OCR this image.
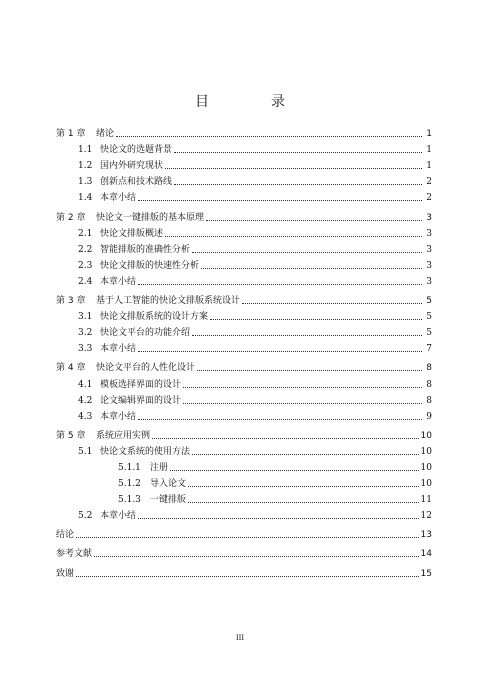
目　录
第 1 章	绪论	1
1.1 快论文的选题背景	1
1.2 国内外研究现状	1
1.3 创新点和技术路线	2
1.4 本章小结	2
第 2 章	快论文一键排版的基本原理	3
2.1 快论文排版概述	3
2.2 智能排版的准确性分析	3
2.3 快论文排版的快速性分析	3
2.4 本章小结	3
第 3 章	基于人工智能的快论文排版系统设计	5
3.1 快论文排版系统的设计方案	5
3.2 快论文平台的功能介绍	5
3.3 本章小结	7
第 4 章	快论文平台的人性化设计	8
4.1 模板选择界面的设计	8
4.2 论文编辑界面的设计	8
4.3 本章小结	9
第 5 章	系统应用实例	10
5.1 快论文系统的使用方法	10
5.1.1	注册	10
5.1.2	导入论文	10
5.1.3	一键排版	11
5.2 本章小结	12
结论	13
参考文献	14
致谢	15
III
